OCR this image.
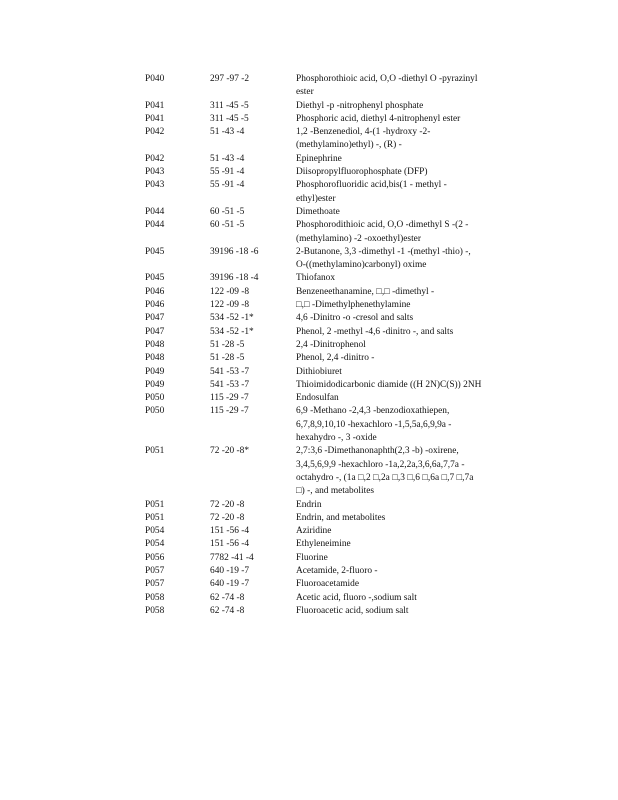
P040	297 -97 -2	Phosphorothioic acid, O,O -diethyl O -pyrazinyl ester
P041	311 -45 -5	Diethyl -p -nitrophenyl phosphate
P041	311 -45 -5	Phosphoric acid, diethyl 4-nitrophenyl ester
P042	51 -43 -4	1,2 -Benzenediol, 4-(1 -hydroxy -2-(methylamino)ethyl) -, (R) -
P042	51 -43 -4	Epinephrine
P043	55 -91 -4	Diisopropylfluorophosphate (DFP)
P043	55 -91 -4	Phosphorofluoridic acid,bis(1 - methyl -ethyl)ester
P044	60 -51 -5	Dimethoate
P044	60 -51 -5	Phosphorodithioic acid, O,O -dimethyl S -(2 -(methylamino) -2 -oxoethyl)ester
P045	39196 -18 -6	2-Butanone, 3,3 -dimethyl -1 -(methyl -thio) -, O-((methylamino)carbonyl) oxime
P045	39196 -18 -4	Thiofanox
P046	122 -09 -8	Benzeneethanamine, □,□ -dimethyl -
P046	122 -09 -8	□,□ -Dimethylphenethylamine
P047	534 -52 -1*	4,6 -Dinitro -o -cresol and salts
P047	534 -52 -1*	Phenol, 2 -methyl -4,6 -dinitro -, and salts
P048	51 -28 -5	2,4 -Dinitrophenol
P048	51 -28 -5	Phenol, 2,4 -dinitro -
P049	541 -53 -7	Dithiobiuret
P049	541 -53 -7	Thioimidodicarbonic diamide ((H 2N)C(S)) 2NH
P050	115 -29 -7	Endosulfan
P050	115 -29 -7	6,9 -Methano -2,4,3 -benzodioxathiepen, 6,7,8,9,10,10 -hexachloro -1,5,5a,6,9,9a -hexahydro -, 3 -oxide
P051	72 -20 -8*	2,7:3,6 -Dimethanonaphth(2,3 -b) -oxirene, 3,4,5,6,9,9 -hexachloro -1a,2,2a,3,6,6a,7,7a -octahydro -, (1a □,2 □,2a □,3 □,6 □,6a □,7 □,7a □) -, and metabolites
P051	72 -20 -8	Endrin
P051	72 -20 -8	Endrin, and metabolites
P054	151 -56 -4	Aziridine
P054	151 -56 -4	Ethyleneimine
P056	7782 -41 -4	Fluorine
P057	640 -19 -7	Acetamide, 2-fluoro -
P057	640 -19 -7	Fluoroacetamide
P058	62 -74 -8	Acetic acid, fluoro -,sodium salt
P058	62 -74 -8	Fluoroacetic acid, sodium salt
